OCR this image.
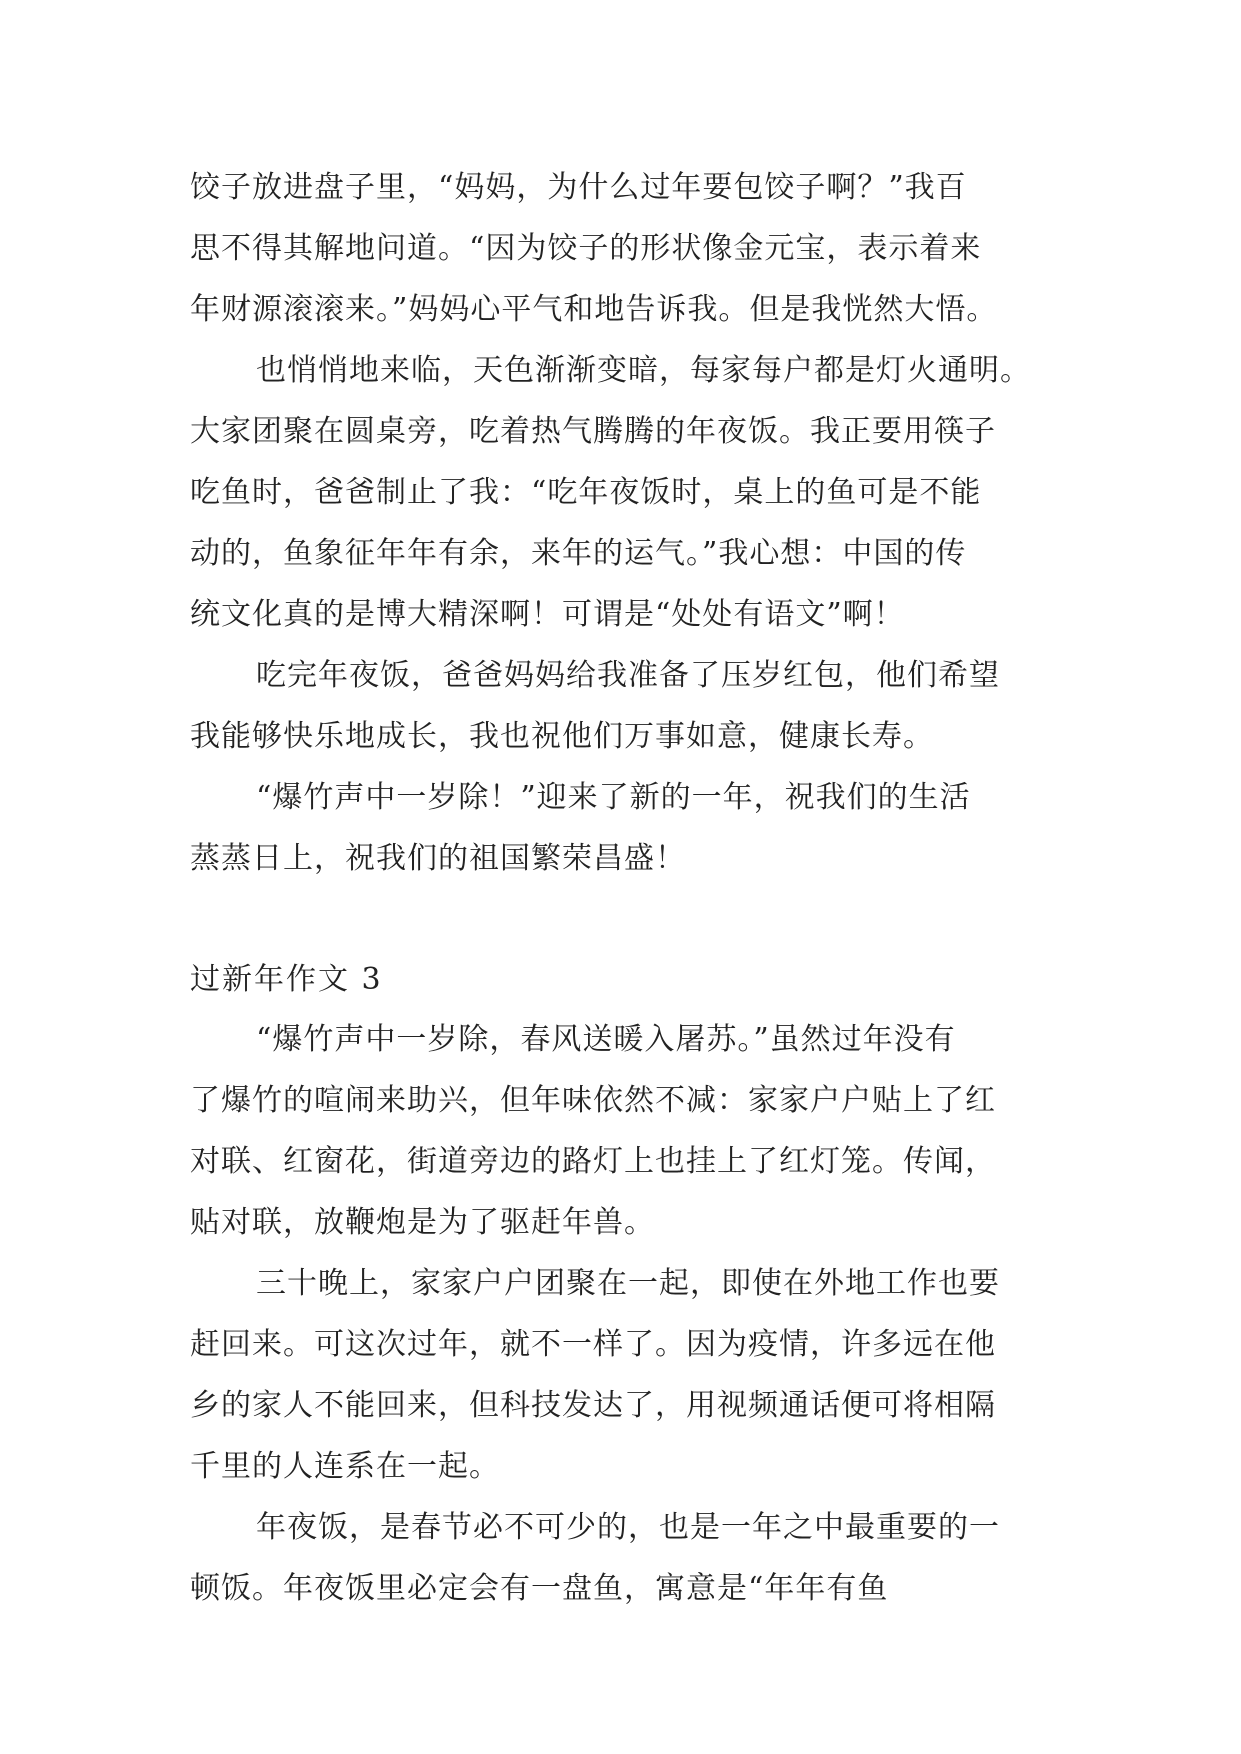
饺子放进盘子里，“妈妈，为什么过年要包饺子啊？”我百
思不得其解地问道。“因为饺子的形状像金元宝，表示着来
年财源滚滚来。”妈妈心平气和地告诉我。但是我恍然大悟。
也悄悄地来临，天色渐渐变暗，每家每户都是灯火通明。
大家团聚在圆桌旁，吃着热气腾腾的年夜饭。我正要用筷子
吃鱼时，爸爸制止了我：“吃年夜饭时，桌上的鱼可是不能
动的，鱼象征年年有余，来年的运气。”我心想：中国的传
统文化真的是博大精深啊！可谓是“处处有语文”啊！
吃完年夜饭，爸爸妈妈给我准备了压岁红包，他们希望
我能够快乐地成长，我也祝他们万事如意，健康长寿。
“爆竹声中一岁除！”迎来了新的一年，祝我们的生活
蒸蒸日上，祝我们的祖国繁荣昌盛！
过新年作文 3
“爆竹声中一岁除，春风送暖入屠苏。”虽然过年没有
了爆竹的喧闹来助兴，但年味依然不减：家家户户贴上了红
对联、红窗花，街道旁边的路灯上也挂上了红灯笼。传闻，
贴对联，放鞭炮是为了驱赶年兽。
三十晚上，家家户户团聚在一起，即使在外地工作也要
赶回来。可这次过年，就不一样了。因为疫情，许多远在他
乡的家人不能回来，但科技发达了，用视频通话便可将相隔
千里的人连系在一起。
年夜饭，是春节必不可少的，也是一年之中最重要的一
顿饭。年夜饭里必定会有一盘鱼，寓意是“年年有鱼
